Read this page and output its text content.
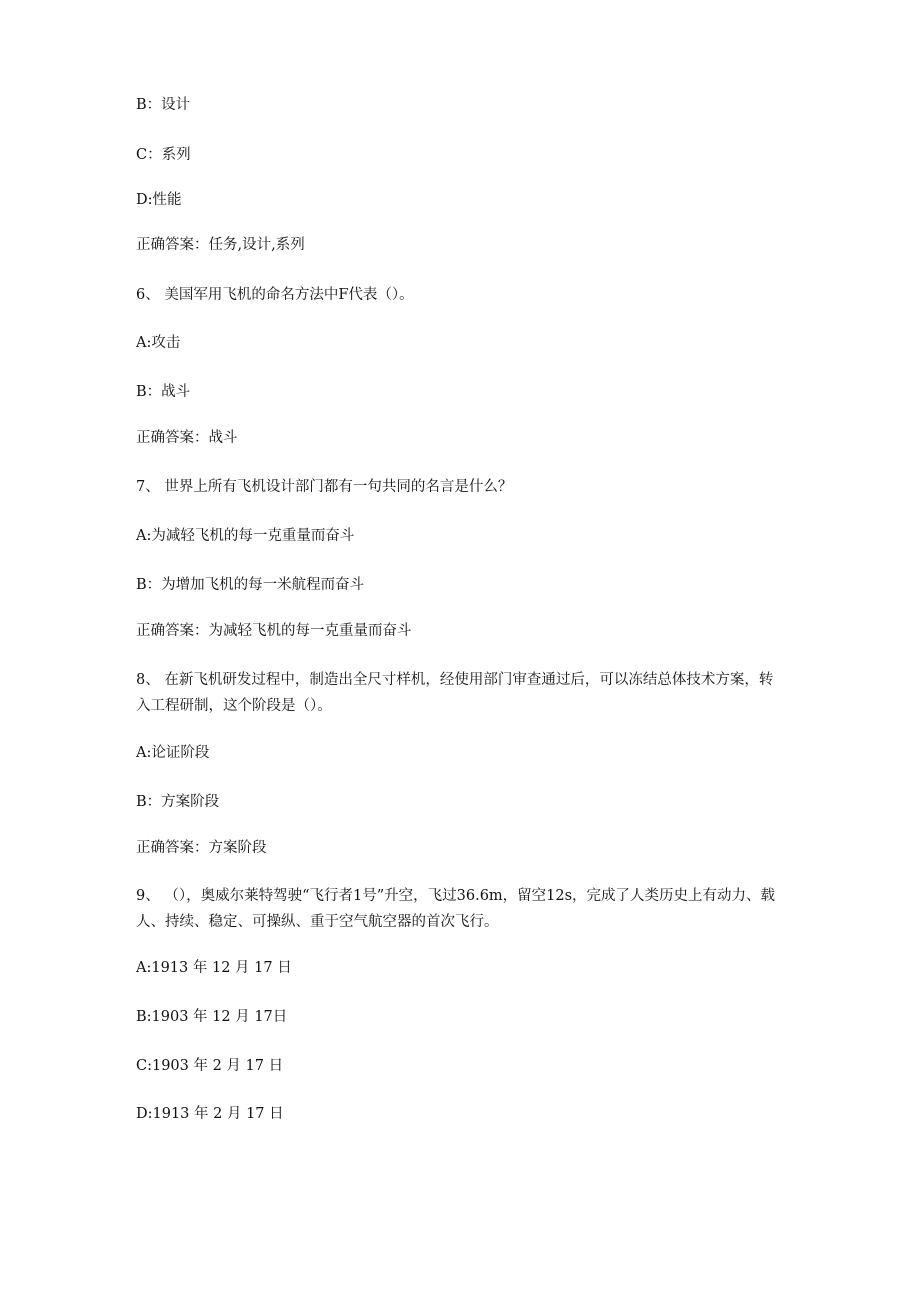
B：设计
C：系列
D:性能
正确答案：任务,设计,系列
6、 美国军用飞机的命名方法中F代表（）。
A:攻击
B：战斗
正确答案：战斗
7、 世界上所有飞机设计部门都有一句共同的名言是什么？
A:为减轻飞机的每一克重量而奋斗
B：为增加飞机的每一米航程而奋斗
正确答案：为减轻飞机的每一克重量而奋斗
8、 在新飞机研发过程中，制造出全尺寸样机，经使用部门审查通过后，可以冻结总体技术方案，转入工程研制，这个阶段是（）。
A:论证阶段
B：方案阶段
正确答案：方案阶段
9、 （），奥威尔莱特驾驶“飞行者1号”升空，飞过36.6m，留空12s，完成了人类历史上有动力、载人、持续、稳定、可操纵、重于空气航空器的首次飞行。
A:1913 年 12 月 17 日
B:1903 年 12 月 17日
C:1903 年 2 月 17 日
D:1913 年 2 月 17 日
